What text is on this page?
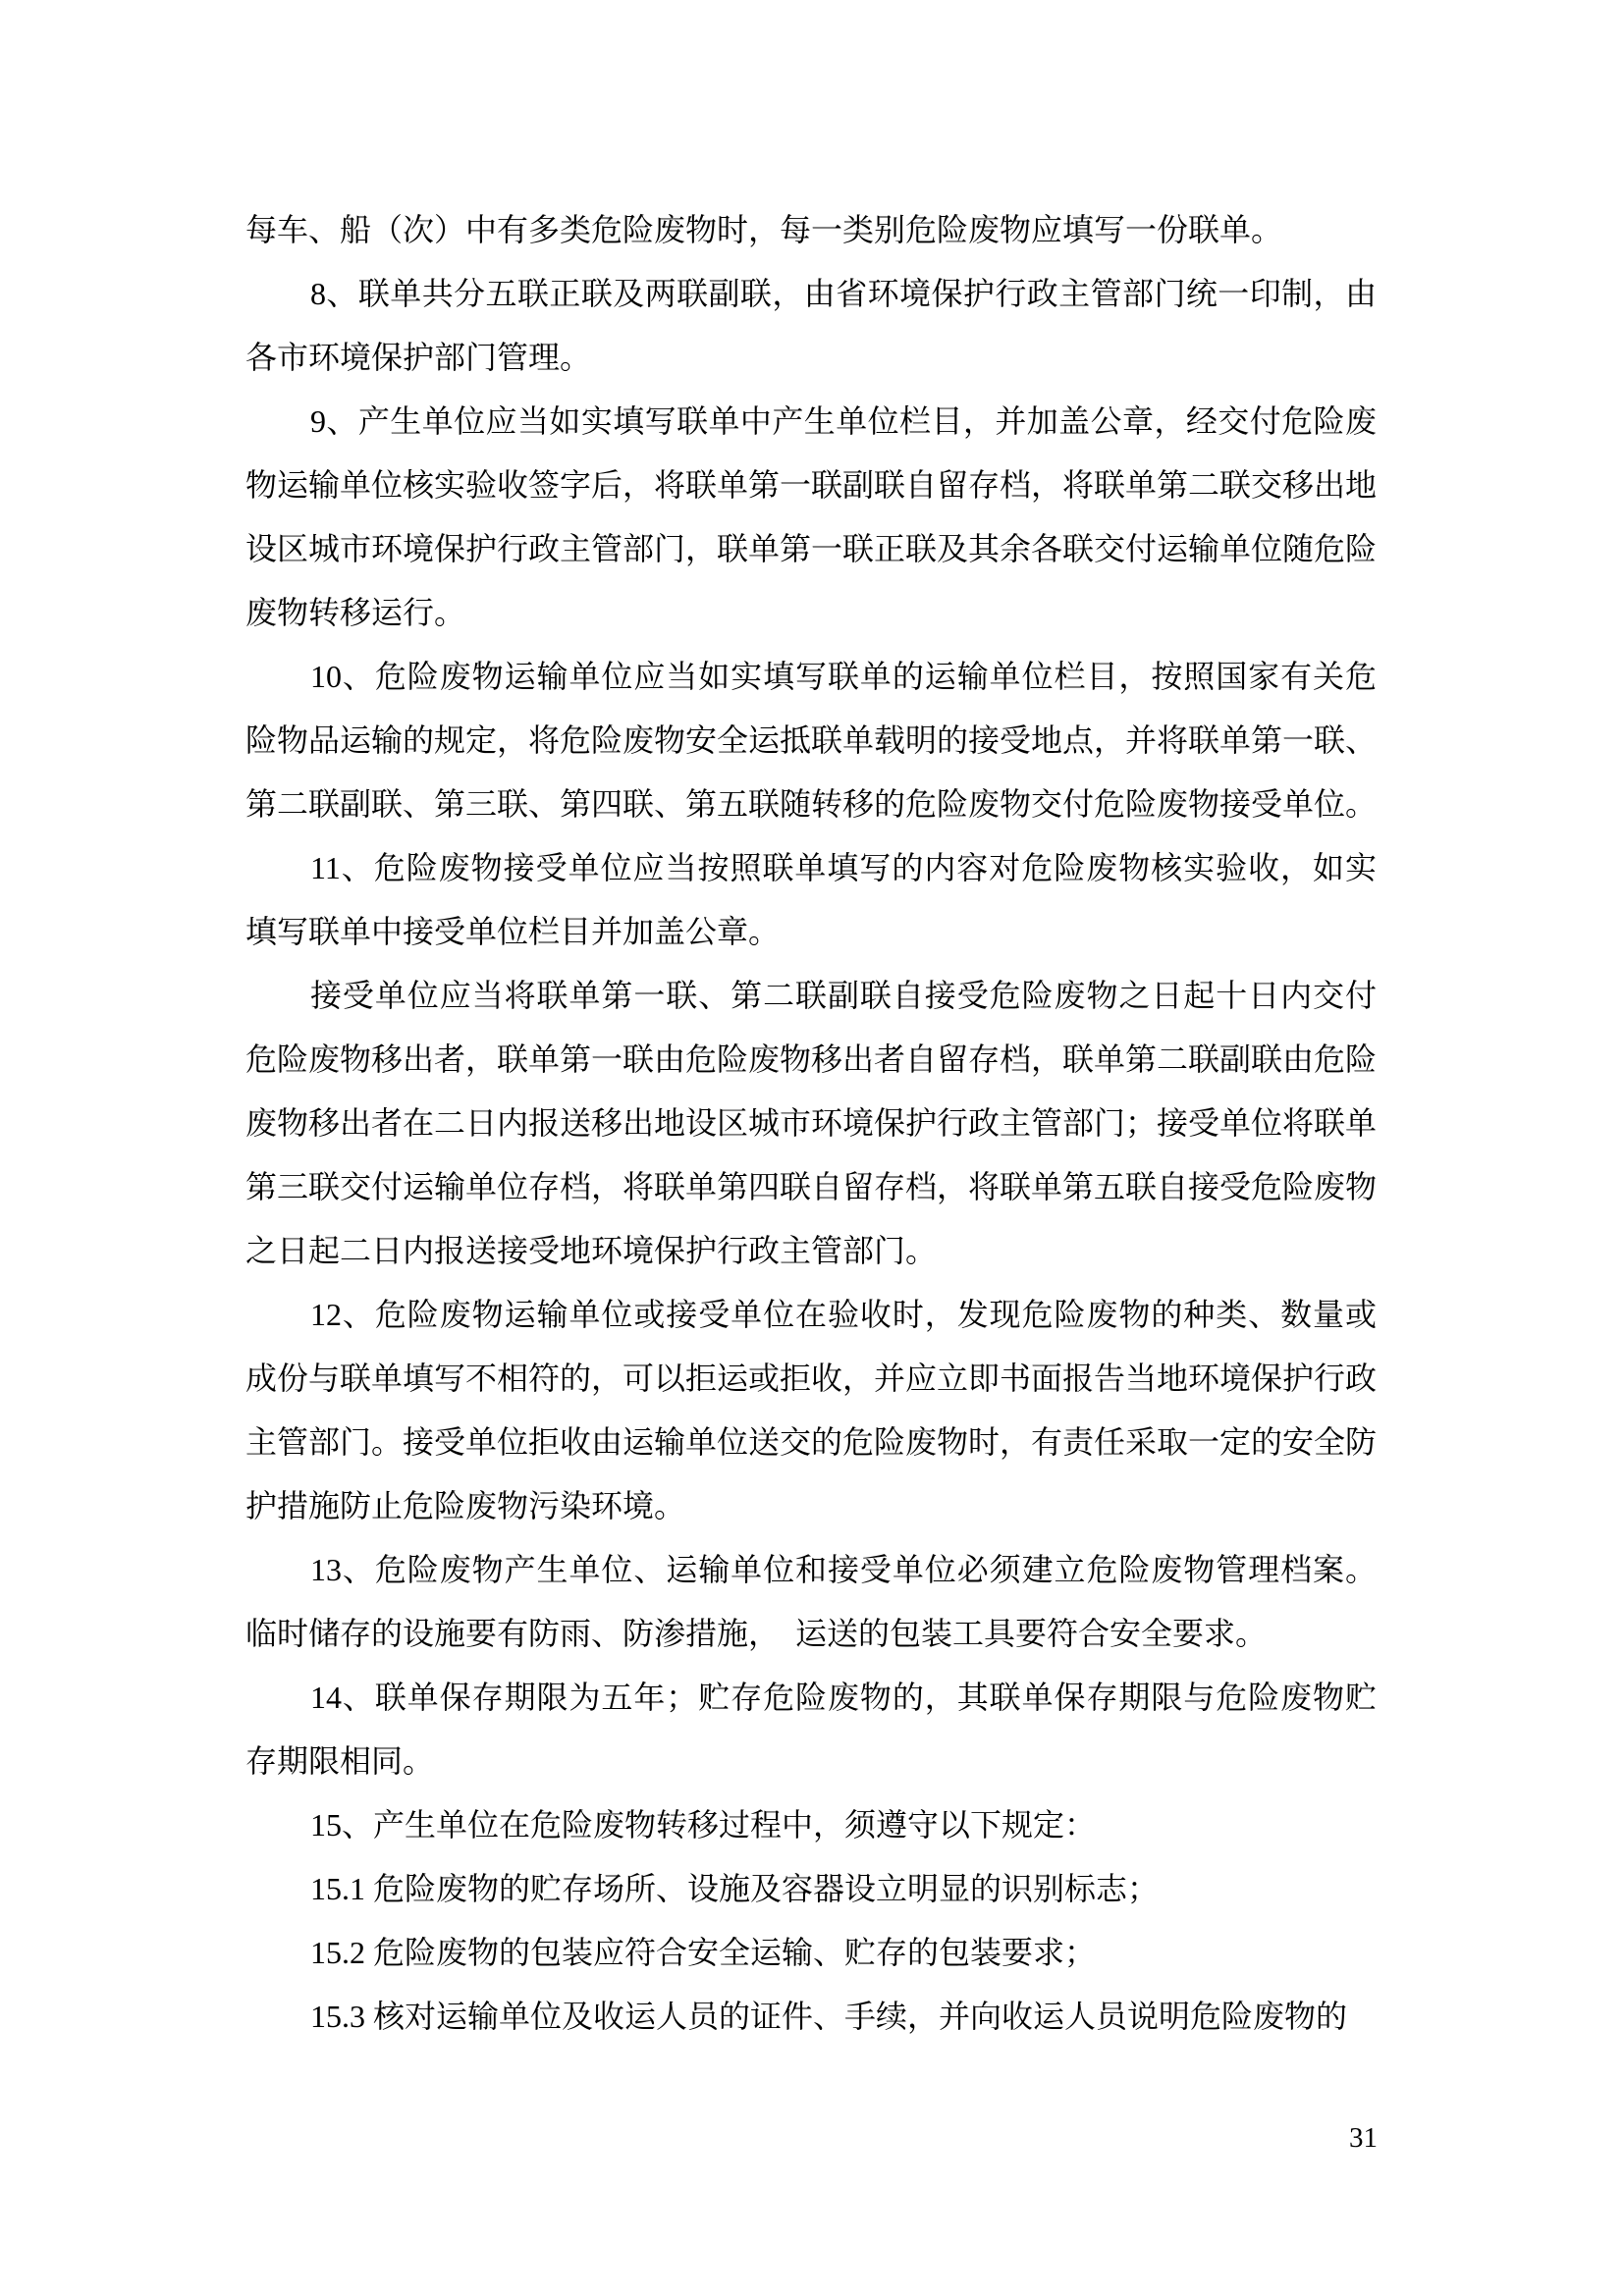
每车、船（次）中有多类危险废物时，每一类别危险废物应填写一份联单。

8、联单共分五联正联及两联副联，由省环境保护行政主管部门统一印制，由各市环境保护部门管理。

9、产生单位应当如实填写联单中产生单位栏目，并加盖公章，经交付危险废物运输单位核实验收签字后，将联单第一联副联自留存档，将联单第二联交移出地设区城市环境保护行政主管部门，联单第一联正联及其余各联交付运输单位随危险废物转移运行。

10、危险废物运输单位应当如实填写联单的运输单位栏目，按照国家有关危险物品运输的规定，将危险废物安全运抵联单载明的接受地点，并将联单第一联、第二联副联、第三联、第四联、第五联随转移的危险废物交付危险废物接受单位。

11、危险废物接受单位应当按照联单填写的内容对危险废物核实验收，如实填写联单中接受单位栏目并加盖公章。

接受单位应当将联单第一联、第二联副联自接受危险废物之日起十日内交付危险废物移出者，联单第一联由危险废物移出者自留存档，联单第二联副联由危险废物移出者在二日内报送移出地设区城市环境保护行政主管部门；接受单位将联单第三联交付运输单位存档，将联单第四联自留存档，将联单第五联自接受危险废物之日起二日内报送接受地环境保护行政主管部门。

12、危险废物运输单位或接受单位在验收时，发现危险废物的种类、数量或成份与联单填写不相符的，可以拒运或拒收，并应立即书面报告当地环境保护行政主管部门。接受单位拒收由运输单位送交的危险废物时，有责任采取一定的安全防护措施防止危险废物污染环境。

13、危险废物产生单位、运输单位和接受单位必须建立危险废物管理档案。临时储存的设施要有防雨、防渗措施，　运送的包装工具要符合安全要求。

14、联单保存期限为五年；贮存危险废物的，其联单保存期限与危险废物贮存期限相同。

15、产生单位在危险废物转移过程中，须遵守以下规定：

15.1 危险废物的贮存场所、设施及容器设立明显的识别标志；

15.2 危险废物的包装应符合安全运输、贮存的包装要求；

15.3 核对运输单位及收运人员的证件、手续，并向收运人员说明危险废物的

31
